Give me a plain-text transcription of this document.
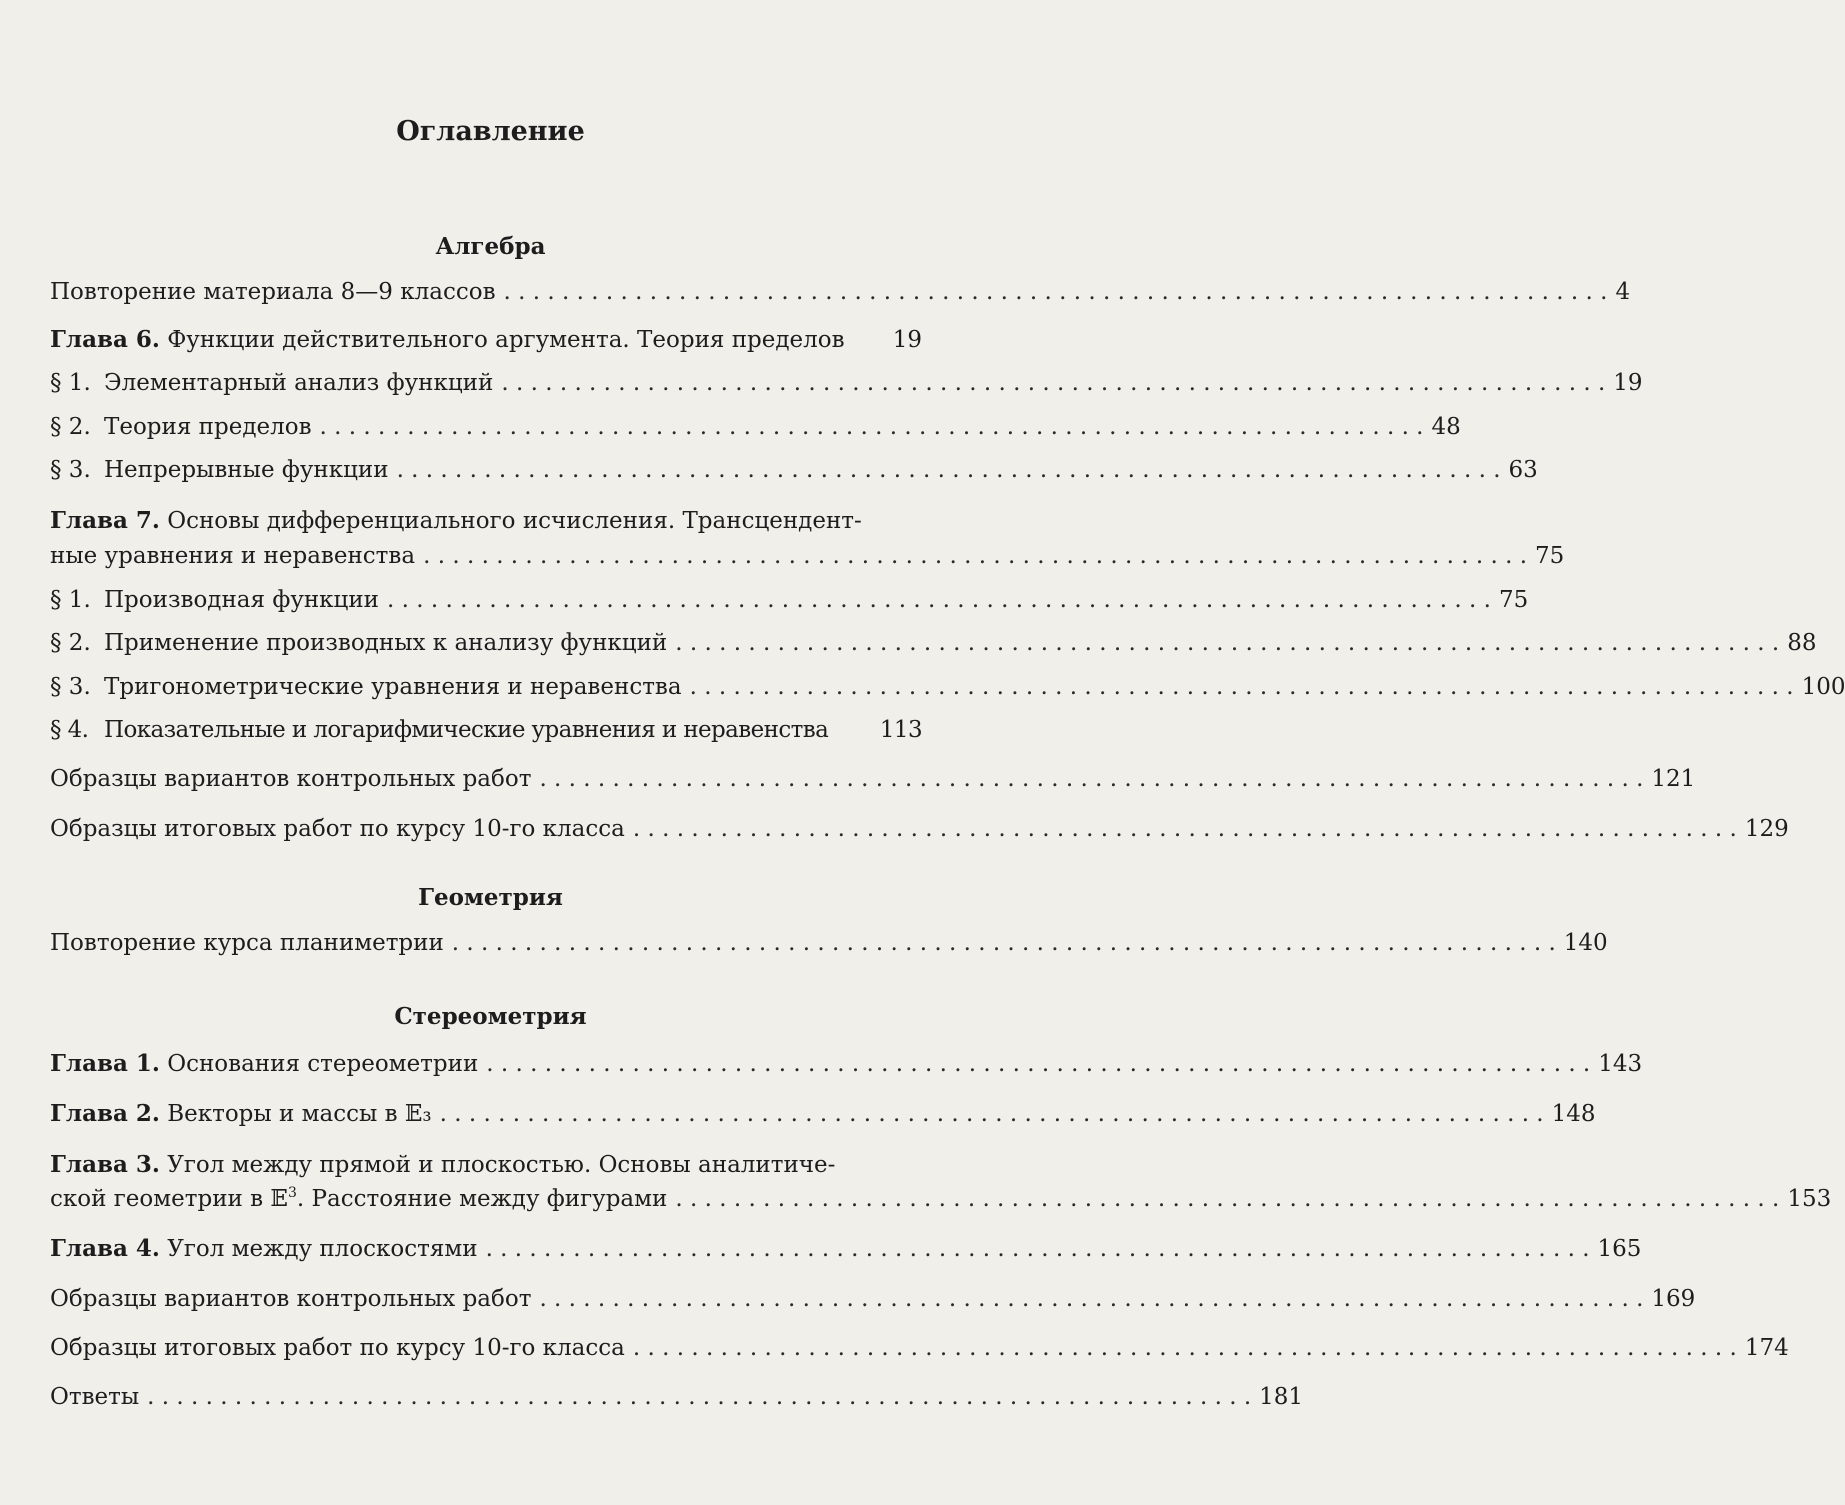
Оглавление
Алгебра
Повторение материала 8—9 классов . . .	4
Глава 6. Функции действительного аргумента. Теория пределов 19
§ 1. Элементарный анализ функций . . .	19
§ 2. Теория пределов . . .	48
§ 3. Непрерывные функции . . .	63
Глава 7. Основы дифференциального исчисления. Трансцендент-
ные уравнения и неравенства . . .	75
§ 1. Производная функции . . .	75
§ 2. Применение производных к анализу функций . . .	88
§ 3. Тригонометрические уравнения и неравенства . . .	100
§ 4. Показательные и логарифмические уравнения и неравенства 113
Образцы вариантов контрольных работ . . .	121
Образцы итоговых работ по курсу 10-го класса . . .	129
Геометрия
Повторение курса планиметрии . . .	140
Стереометрия
Глава 1. Основания стереометрии . . .	143
Глава 2. Векторы и массы в 𝔼₃ . . .	148
Глава 3. Угол между прямой и плоскостью. Основы аналитиче-
ской геометрии в 𝔼$^3$. Расстояние между фигурами . . .	153
Глава 4. Угол между плоскостями . . .	165
Образцы вариантов контрольных работ . . .	169
Образцы итоговых работ по курсу 10-го класса . . .	174
Ответы . . .	181
